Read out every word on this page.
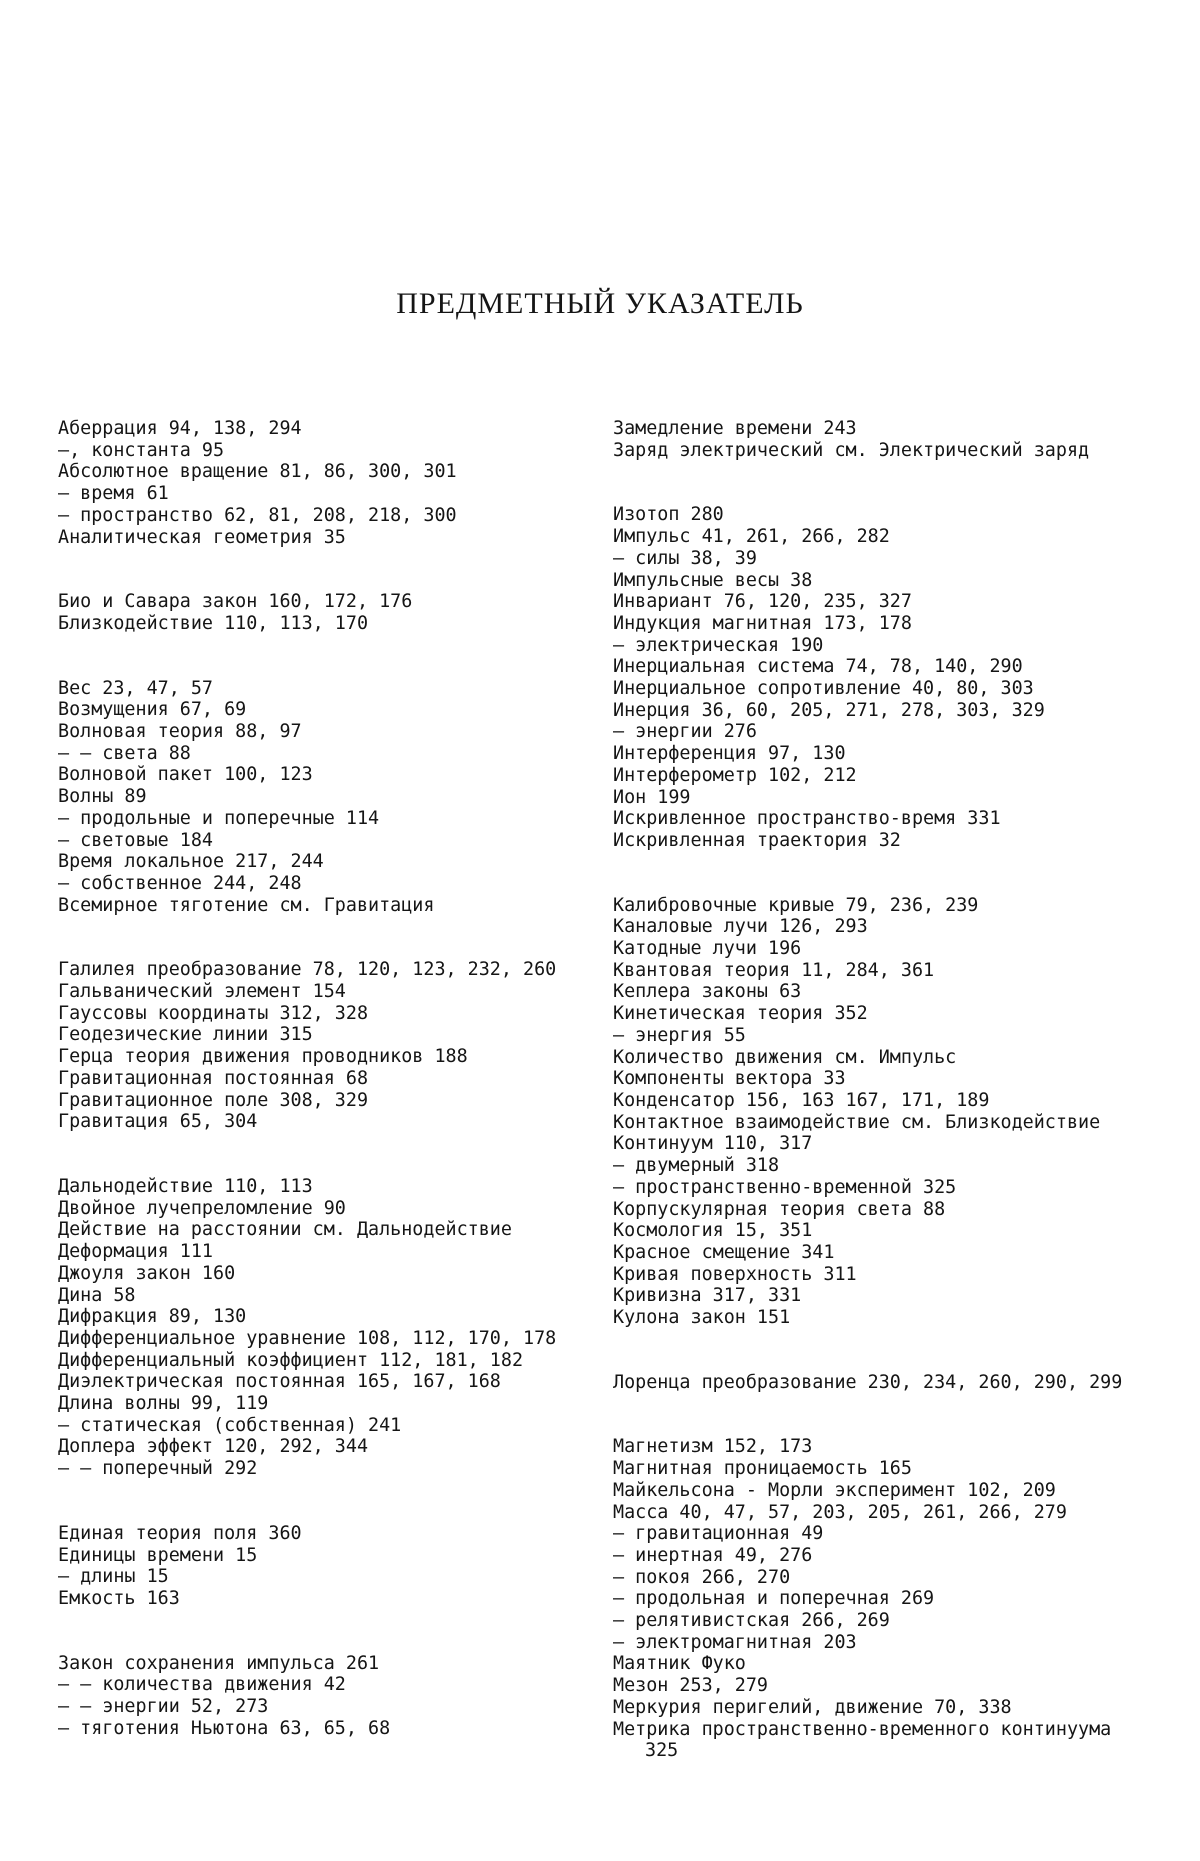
ПРЕДМЕТНЫЙ УКАЗАТЕЛЬ
Аберрация 94, 138, 294
—, константа 95
Абсолютное вращение 81, 86, 300, 301
— время 61
— пространство 62, 81, 208, 218, 300
Аналитическая геометрия 35
Био и Савара закон 160, 172, 176
Близкодействие 110, 113, 170
Вес 23, 47, 57
Возмущения 67, 69
Волновая теория 88, 97
— — света 88
Волновой пакет 100, 123
Волны 89
— продольные и поперечные 114
— световые 184
Время локальное 217, 244
— собственное 244, 248
Всемирное тяготение см. Гравитация
Галилея преобразование 78, 120, 123, 232, 260
Гальванический элемент 154
Гауссовы координаты 312, 328
Геодезические линии 315
Герца теория движения проводников 188
Гравитационная постоянная 68
Гравитационное поле 308, 329
Гравитация 65, 304
Дальнодействие 110, 113
Двойное лучепреломление 90
Действие на расстоянии см. Дальнодействие
Деформация 111
Джоуля закон 160
Дина 58
Дифракция 89, 130
Дифференциальное уравнение 108, 112, 170, 178
Дифференциальный коэффициент 112, 181, 182
Диэлектрическая постоянная 165, 167, 168
Длина волны 99, 119
— статическая (собственная) 241
Доплера эффект 120, 292, 344
— — поперечный 292
Единая теория поля 360
Единицы времени 15
— длины 15
Емкость 163
Закон сохранения импульса 261
— — количества движения 42
— — энергии 52, 273
— тяготения Ньютона 63, 65, 68
Замедление времени 243
Заряд электрический см. Электрический заряд
Изотоп 280
Импульс 41, 261, 266, 282
— силы 38, 39
Импульсные весы 38
Инвариант 76, 120, 235, 327
Индукция магнитная 173, 178
— электрическая 190
Инерциальная система 74, 78, 140, 290
Инерциальное сопротивление 40, 80, 303
Инерция 36, 60, 205, 271, 278, 303, 329
— энергии 276
Интерференция 97, 130
Интерферометр 102, 212
Ион 199
Искривленное пространство-время 331
Искривленная траектория 32
Калибровочные кривые 79, 236, 239
Каналовые лучи 126, 293
Катодные лучи 196
Квантовая теория 11, 284, 361
Кеплера законы 63
Кинетическая теория 352
— энергия 55
Количество движения см. Импульс
Компоненты вектора 33
Конденсатор 156, 163 167, 171, 189
Контактное взаимодействие см. Близкодействие
Континуум 110, 317
— двумерный 318
— пространственно-временной 325
Корпускулярная теория света 88
Космология 15, 351
Красное смещение 341
Кривая поверхность 311
Кривизна 317, 331
Кулона закон 151
Лоренца преобразование 230, 234, 260, 290, 299
Магнетизм 152, 173
Магнитная проницаемость 165
Майкельсона - Морли эксперимент 102, 209
Масса 40, 47, 57, 203, 205, 261, 266, 279
— гравитационная 49
— инертная 49, 276
— покоя 266, 270
— продольная и поперечная 269
— релятивистская 266, 269
— электромагнитная 203
Маятник Фуко
Мезон 253, 279
Меркурия перигелий, движение 70, 338
Метрика пространственно-временного континуума 325
